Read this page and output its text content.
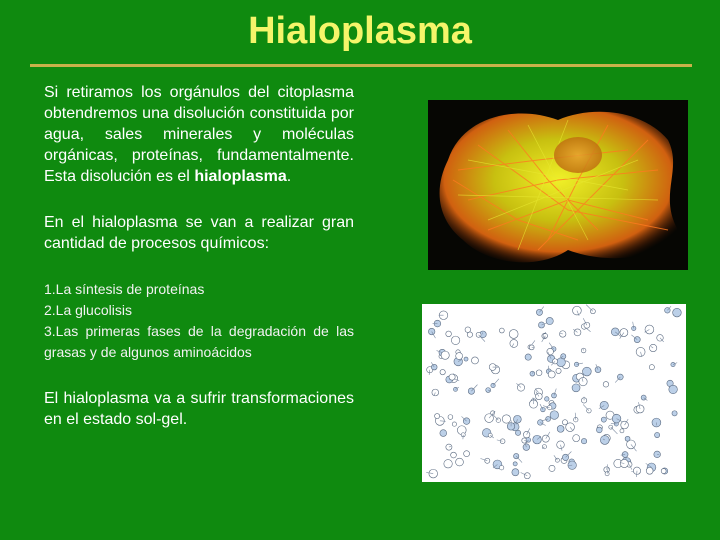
Hialoplasma

Si retiramos los orgánulos del citoplasma obtendremos una disolución constituida por agua, sales minerales y moléculas orgánicas, proteínas, fundamentalmente. Esta disolución es el hialoplasma.

En el hialoplasma se van a realizar gran cantidad de procesos químicos:

1.La síntesis de proteínas
2.La glucolisis
3.Las primeras fases de la degradación de las grasas y de algunos aminoácidos

El hialoplasma va a sufrir transformaciones en el estado sol-gel.
